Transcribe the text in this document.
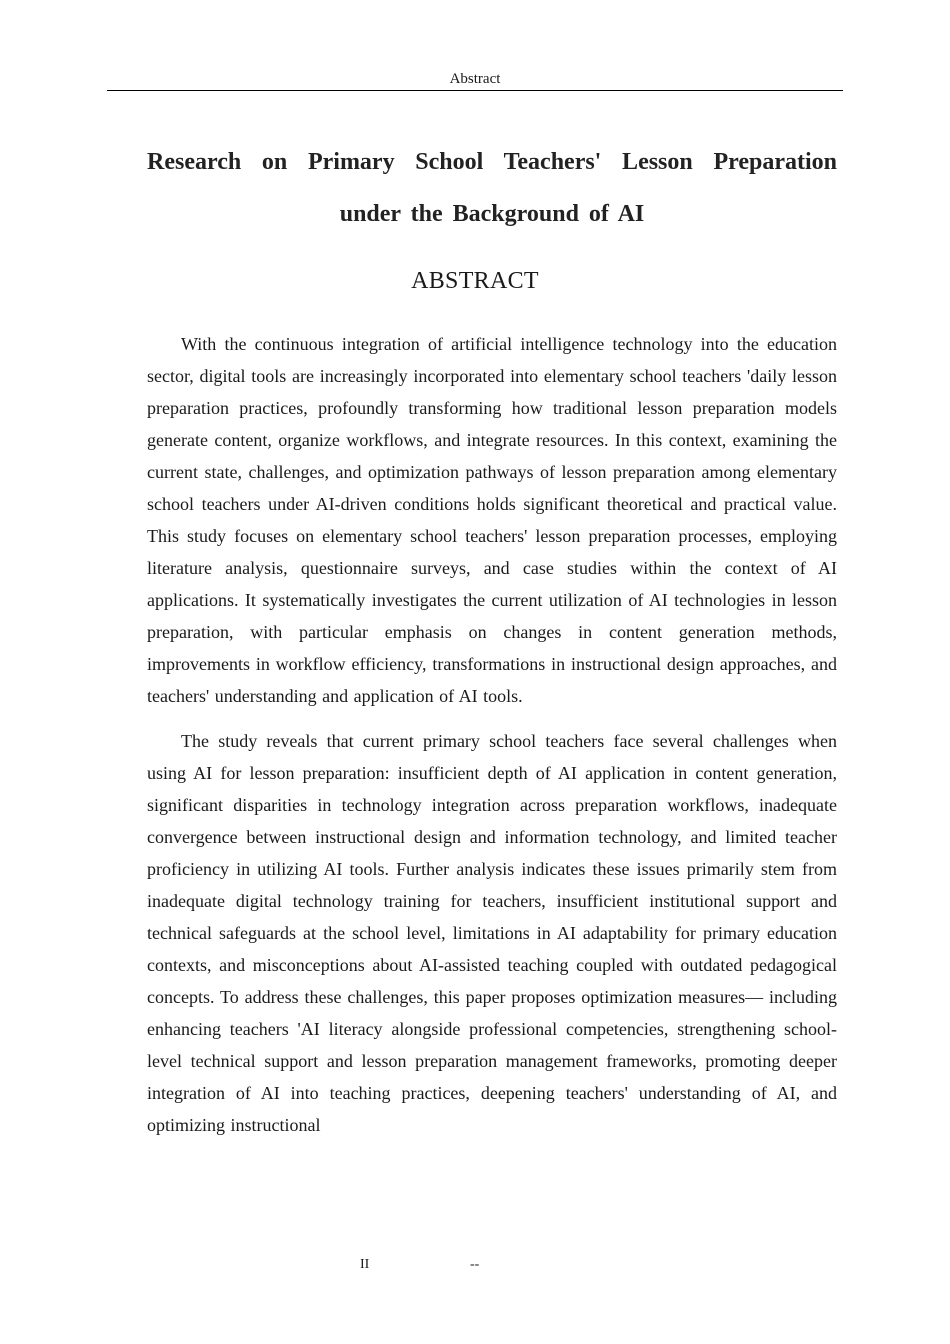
Abstract
Research on Primary School Teachers' Lesson Preparation under the Background of AI
ABSTRACT

With the continuous integration of artificial intelligence technology into the education sector, digital tools are increasingly incorporated into elementary school teachers 'daily lesson preparation practices, profoundly transforming how traditional lesson preparation models generate content, organize workflows, and integrate resources. In this context, examining the current state, challenges, and optimization pathways of lesson preparation among elementary school teachers under AI-driven conditions holds significant theoretical and practical value. This study focuses on elementary school teachers' lesson preparation processes, employing literature analysis, questionnaire surveys, and case studies within the context of AI applications. It systematically investigates the current utilization of AI technologies in lesson preparation, with particular emphasis on changes in content generation methods, improvements in workflow efficiency, transformations in instructional design approaches, and teachers' understanding and application of AI tools.

The study reveals that current primary school teachers face several challenges when using AI for lesson preparation: insufficient depth of AI application in content generation, significant disparities in technology integration across preparation workflows, inadequate convergence between instructional design and information technology, and limited teacher proficiency in utilizing AI tools. Further analysis indicates these issues primarily stem from inadequate digital technology training for teachers, insufficient institutional support and technical safeguards at the school level, limitations in AI adaptability for primary education contexts, and misconceptions about AI-assisted teaching coupled with outdated pedagogical concepts. To address these challenges, this paper proposes optimization measures— including enhancing teachers 'AI literacy alongside professional competencies, strengthening school-level technical support and lesson preparation management frameworks, promoting deeper integration of AI into teaching practices, deepening teachers' understanding of AI, and optimizing instructional

II	--
